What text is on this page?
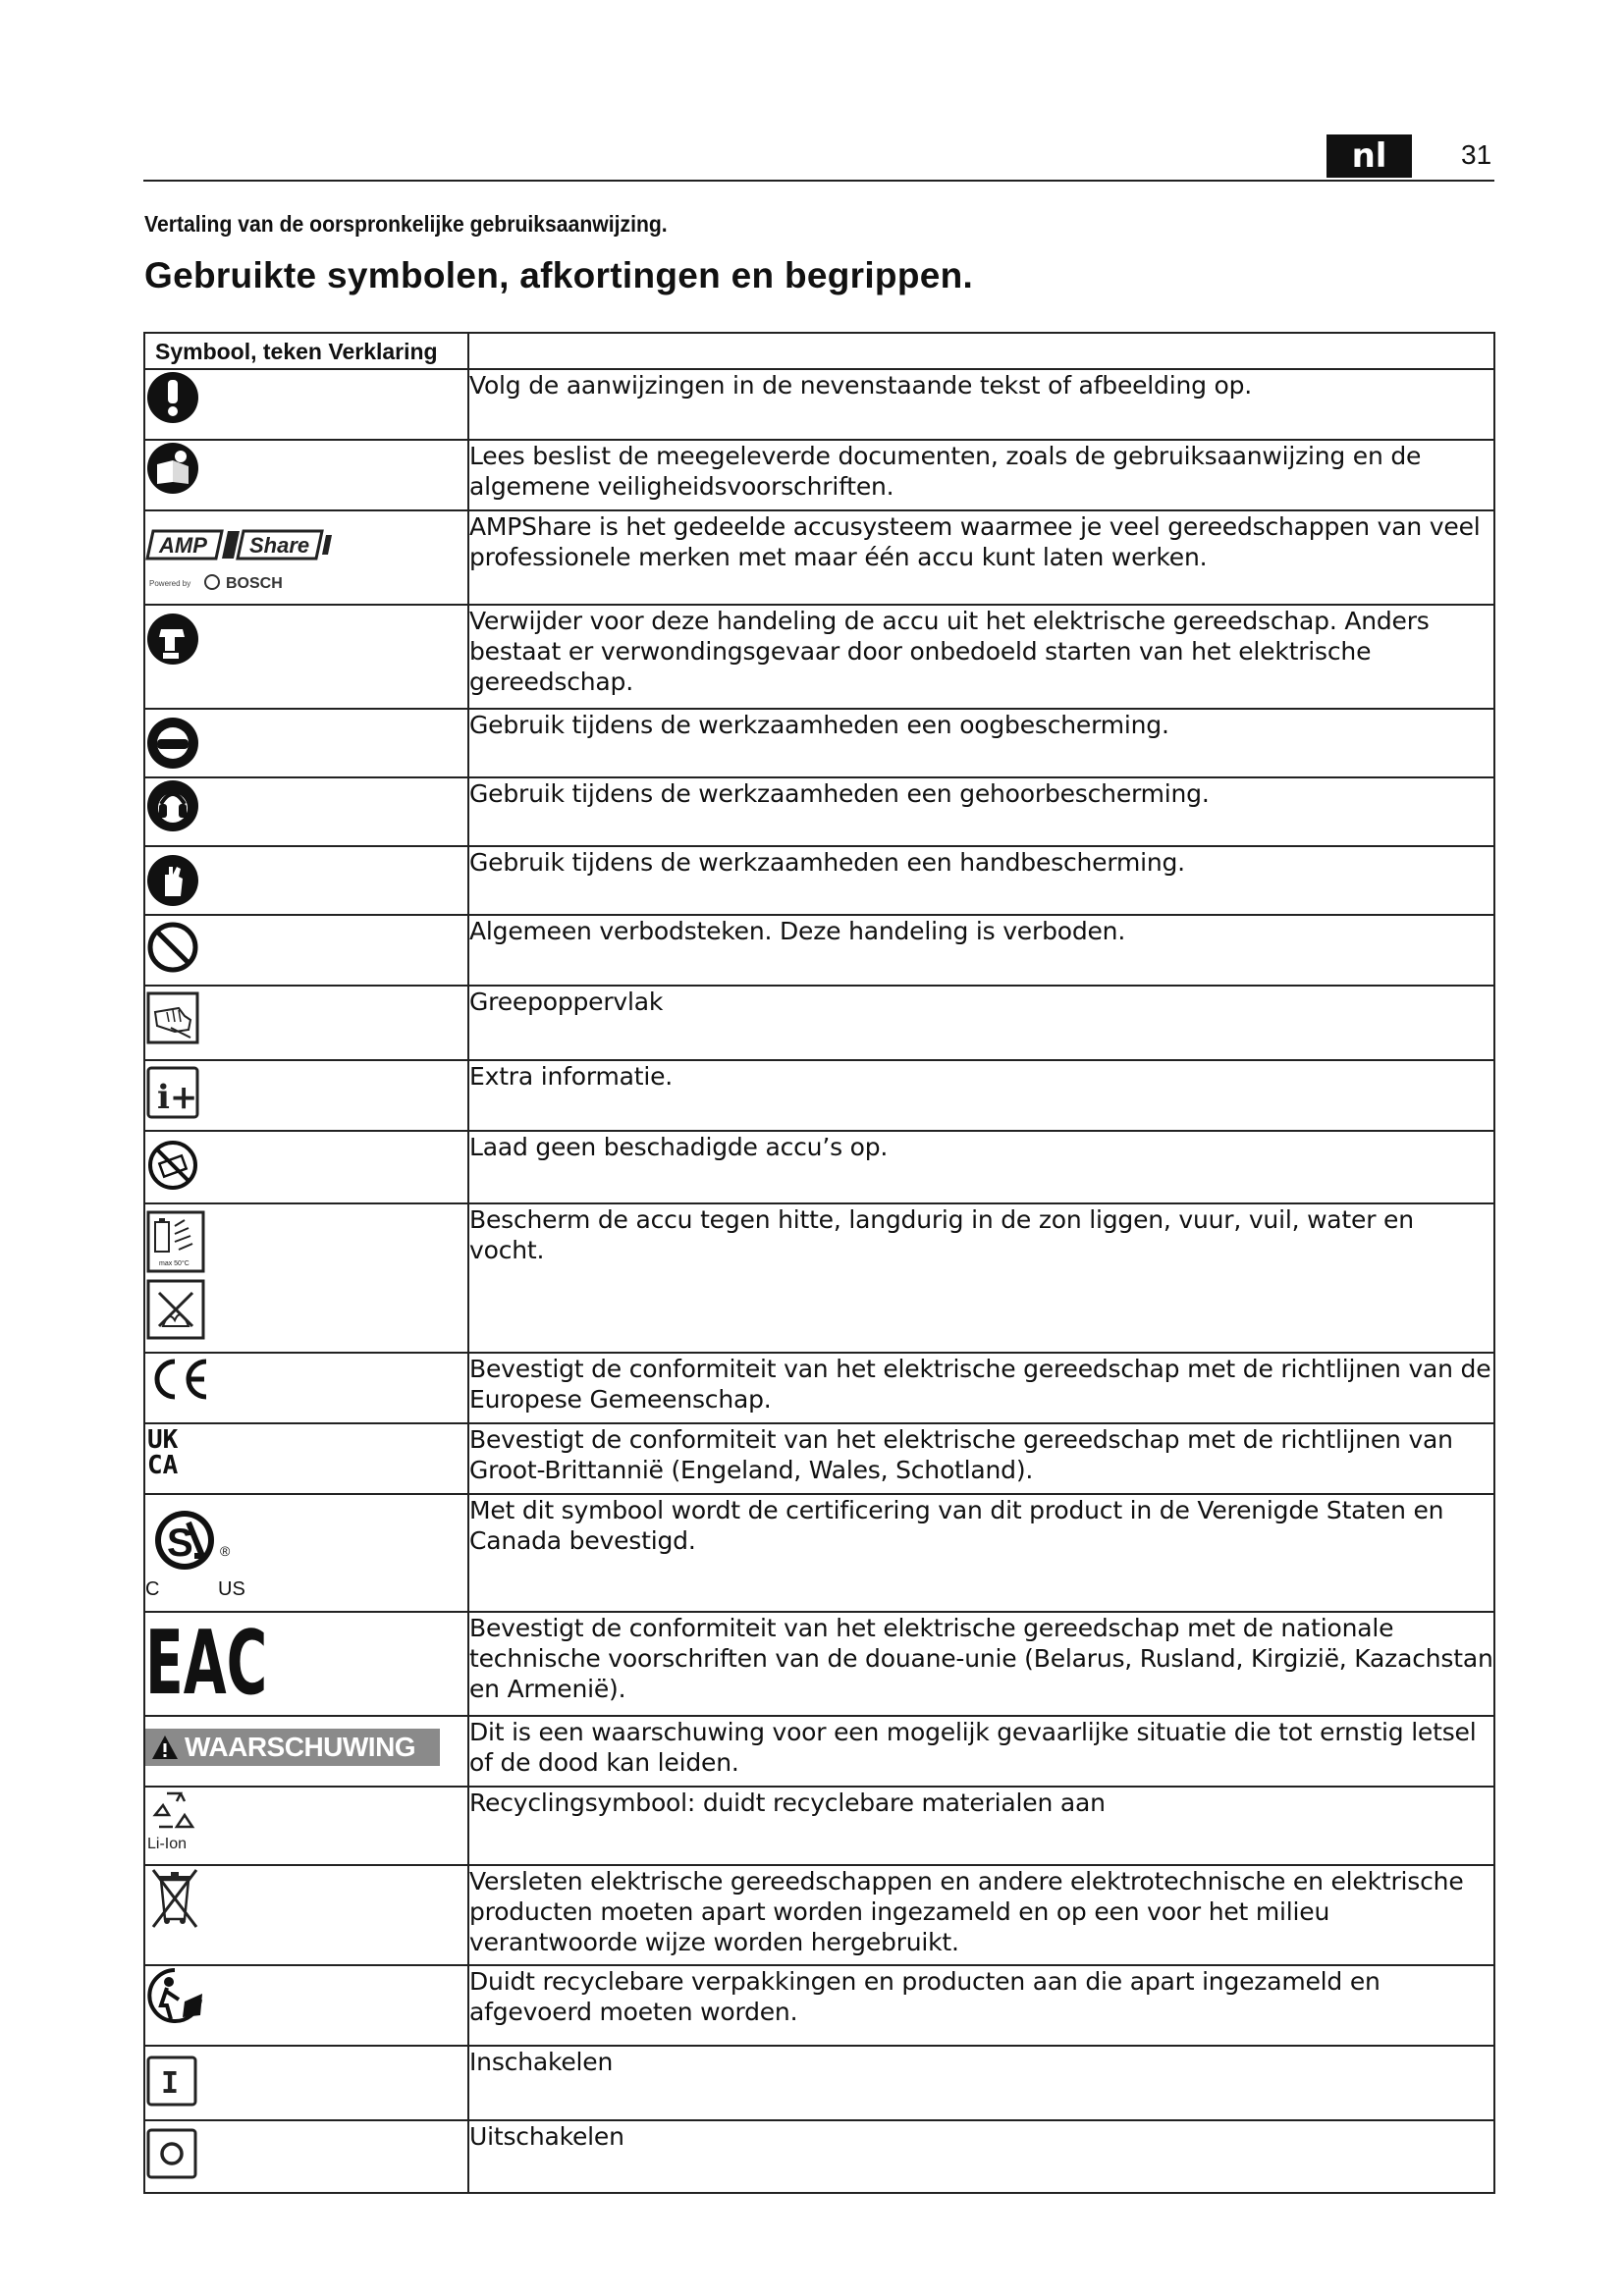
nl	31
Vertaling van de oorspronkelijke gebruiksaanwijzing.
Gebruikte symbolen, afkortingen en begrippen.
Symbool, teken Verklaring	

	Volg de aanwijzingen in de nevenstaande tekst of afbeelding op.

	Lees beslist de meegeleverde documenten, zoals de gebruiksaanwijzing en de algemene veiligheidsvoorschriften.

AMP Share
Powered by BOSCH	AMPShare is het gedeelde accusysteem waarmee je veel gereedschappen van veel professionele merken met maar één accu kunt laten werken.

	Verwijder voor deze handeling de accu uit het elektrische gereedschap. Anders bestaat er verwondingsgevaar door onbedoeld starten van het elektrische gereedschap.

	Gebruik tijdens de werkzaamheden een oogbescherming.

	Gebruik tijdens de werkzaamheden een gehoorbescherming.

	Gebruik tijdens de werkzaamheden een handbescherming.

	Algemeen verbodsteken. Deze handeling is verboden.

	Greepoppervlak

i+	Extra informatie.

	Laad geen beschadigde accu’s op.

max 50°C	Bescherm de accu tegen hitte, langdurig in de zon liggen, vuur, vuil, water en vocht.

	Bevestigt de conformiteit van het elektrische gereedschap met de richtlijnen van de Europese Gemeenschap.

UK
CA	Bevestigt de conformiteit van het elektrische gereedschap met de richtlijnen van Groot-Brittannië (Engeland, Wales, Schotland).

S ®
C US	Met dit symbool wordt de certificering van dit product in de Verenigde Staten en Canada bevestigd.

EAC	Bevestigt de conformiteit van het elektrische gereedschap met de nationale technische voorschriften van de douane-unie (Belarus, Rusland, Kirgizië, Kazachstan en Armenië).

WAARSCHUWING	Dit is een waarschuwing voor een mogelijk gevaarlijke situatie die tot ernstig letsel of de dood kan leiden.

Li-Ion	Recyclingsymbool: duidt recyclebare materialen aan

	Versleten elektrische gereedschappen en andere elektrotechnische en elektrische producten moeten apart worden ingezameld en op een voor het milieu verantwoorde wijze worden hergebruikt.

	Duidt recyclebare verpakkingen en producten aan die apart ingezameld en afgevoerd moeten worden.

I	Inschakelen

	Uitschakelen
